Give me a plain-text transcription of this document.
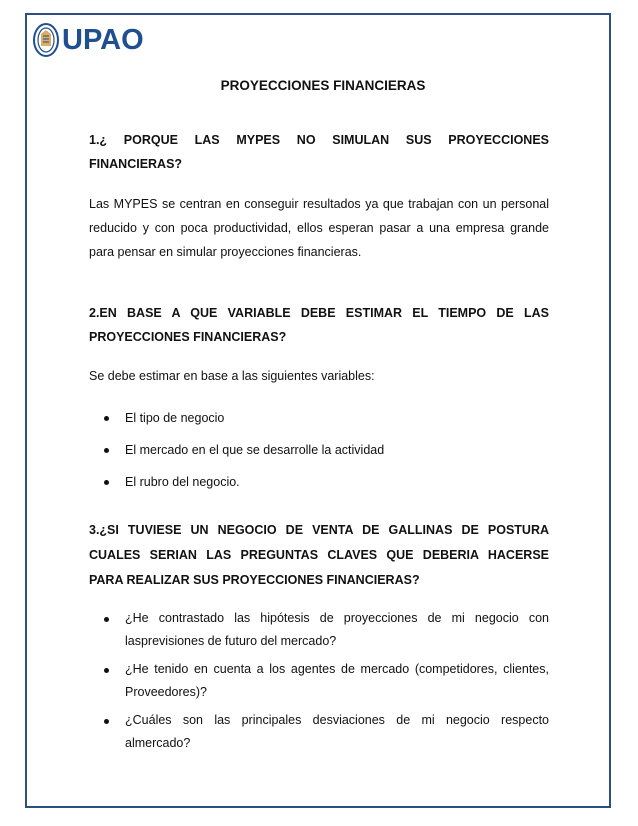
UPAO
PROYECCIONES FINANCIERAS

1.¿ PORQUE LAS MYPES NO SIMULAN SUS PROYECCIONES
FINANCIERAS?

Las MYPES se centran en conseguir resultados ya que trabajan con un personal
reducido y con poca productividad, ellos esperan pasar a una empresa grande
para pensar en simular proyecciones financieras.

2.EN BASE A QUE VARIABLE DEBE ESTIMAR EL TIEMPO DE LAS
PROYECCIONES FINANCIERAS?

Se debe estimar en base a las siguientes variables:

El tipo de negocio
El mercado en el que se desarrolle la actividad
El rubro del negocio.

3.¿SI TUVIESE UN NEGOCIO DE VENTA DE GALLINAS DE POSTURA
CUALES SERIAN LAS PREGUNTAS CLAVES QUE DEBERIA HACERSE
PARA REALIZAR SUS PROYECCIONES FINANCIERAS?

¿He contrastado las hipótesis de proyecciones de mi negocio con
lasprevisiones de futuro del mercado?
¿He tenido en cuenta a los agentes de mercado (competidores, clientes,
Proveedores)?
¿Cuáles son las principales desviaciones de mi negocio respecto
almercado?
